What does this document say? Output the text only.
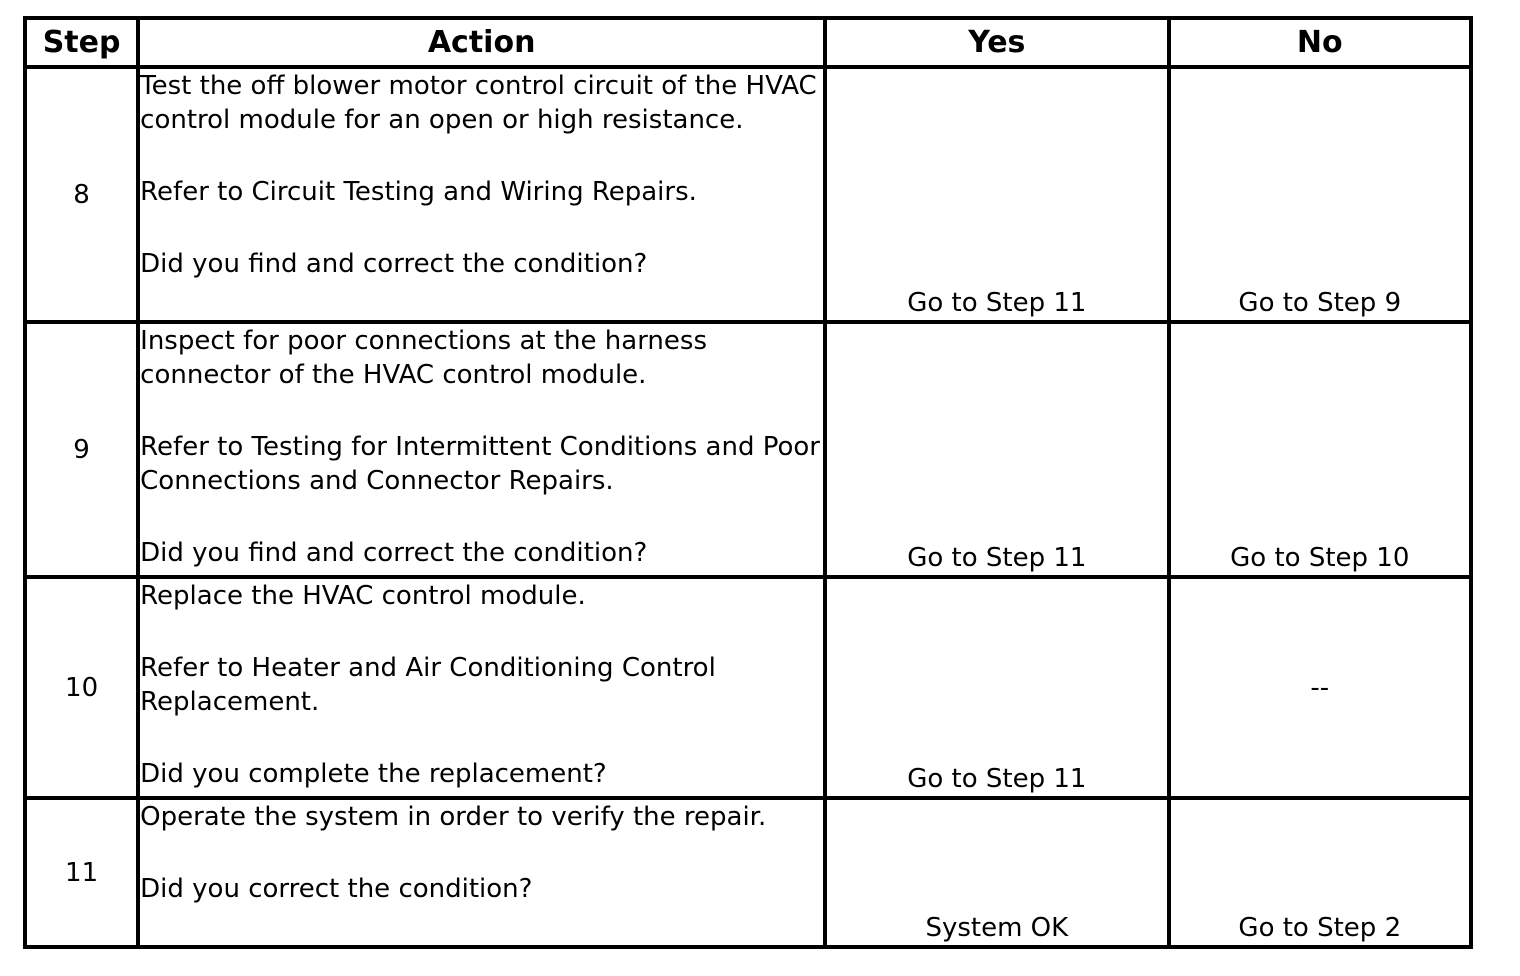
Step	Action	Yes	No
8	Test the off blower motor control circuit of the HVAC control module for an open or high resistance.

Refer to Circuit Testing and Wiring Repairs.

Did you find and correct the condition?	Go to Step 11	Go to Step 9
9	Inspect for poor connections at the harness connector of the HVAC control module.

Refer to Testing for Intermittent Conditions and Poor Connections and Connector Repairs.

Did you find and correct the condition?	Go to Step 11	Go to Step 10
10	Replace the HVAC control module.

Refer to Heater and Air Conditioning Control Replacement.

Did you complete the replacement?	Go to Step 11	--
11	Operate the system in order to verify the repair.

Did you correct the condition?	System OK	Go to Step 2
